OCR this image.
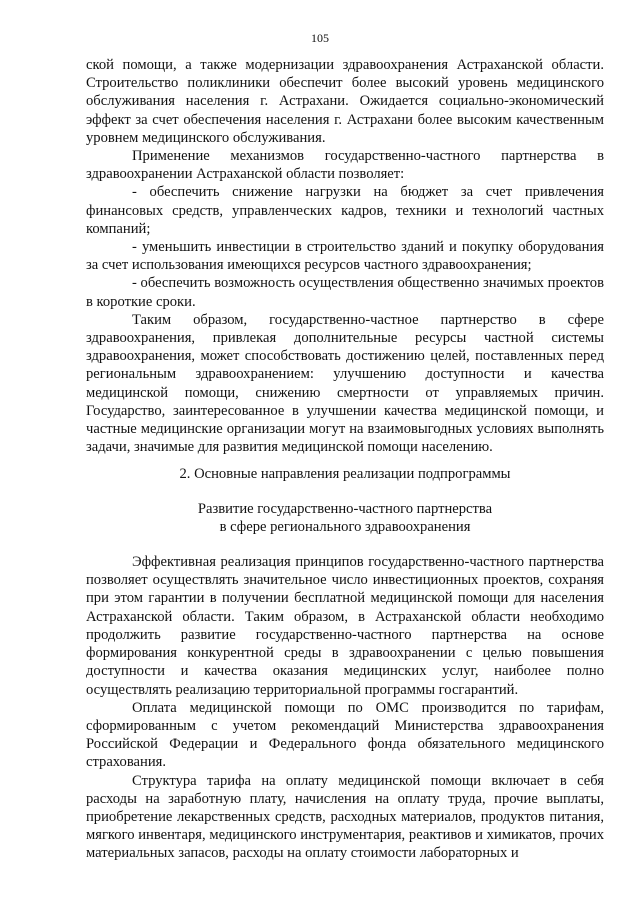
105

ской помощи, а также модернизации здравоохранения Астраханской области. Строительство поликлиники обеспечит более высокий уровень медицинского обслуживания населения г. Астрахани. Ожидается социально-экономический эффект за счет обеспечения населения г. Астрахани более высоким качественным уровнем медицинского обслуживания.

Применение механизмов государственно-частного партнерства в здравоохранении Астраханской области позволяет:

- обеспечить снижение нагрузки на бюджет за счет привлечения финансовых средств, управленческих кадров, техники и технологий частных компаний;

- уменьшить инвестиции в строительство зданий и покупку оборудования за счет использования имеющихся ресурсов частного здравоохранения;

- обеспечить возможность осуществления общественно значимых проектов в короткие сроки.

Таким образом, государственно-частное партнерство в сфере здравоохранения, привлекая дополнительные ресурсы частной системы здравоохранения, может способствовать достижению целей, поставленных перед региональным здравоохранением: улучшению доступности и качества медицинской помощи, снижению смертности от управляемых причин. Государство, заинтересованное в улучшении качества медицинской помощи, и частные медицинские организации могут на взаимовыгодных условиях выполнять задачи, значимые для развития медицинской помощи населению.

2. Основные направления реализации подпрограммы

Развитие государственно-частного партнерства

в сфере регионального здравоохранения

Эффективная реализация принципов государственно-частного партнерства позволяет осуществлять значительное число инвестиционных проектов, сохраняя при этом гарантии в получении бесплатной медицинской помощи для населения Астраханской области. Таким образом, в Астраханской области необходимо продолжить развитие государственно-частного партнерства на основе формирования конкурентной среды в здравоохранении с целью повышения доступности и качества оказания медицинских услуг, наиболее полно осуществлять реализацию территориальной программы госгарантий.

Оплата медицинской помощи по ОМС производится по тарифам, сформированным с учетом рекомендаций Министерства здравоохранения Российской Федерации и Федерального фонда обязательного медицинского страхования.

Структура тарифа на оплату медицинской помощи включает в себя расходы на заработную плату, начисления на оплату труда, прочие выплаты, приобретение лекарственных средств, расходных материалов, продуктов питания, мягкого инвентаря, медицинского инструментария, реактивов и химикатов, прочих материальных запасов, расходы на оплату стоимости лабораторных и
